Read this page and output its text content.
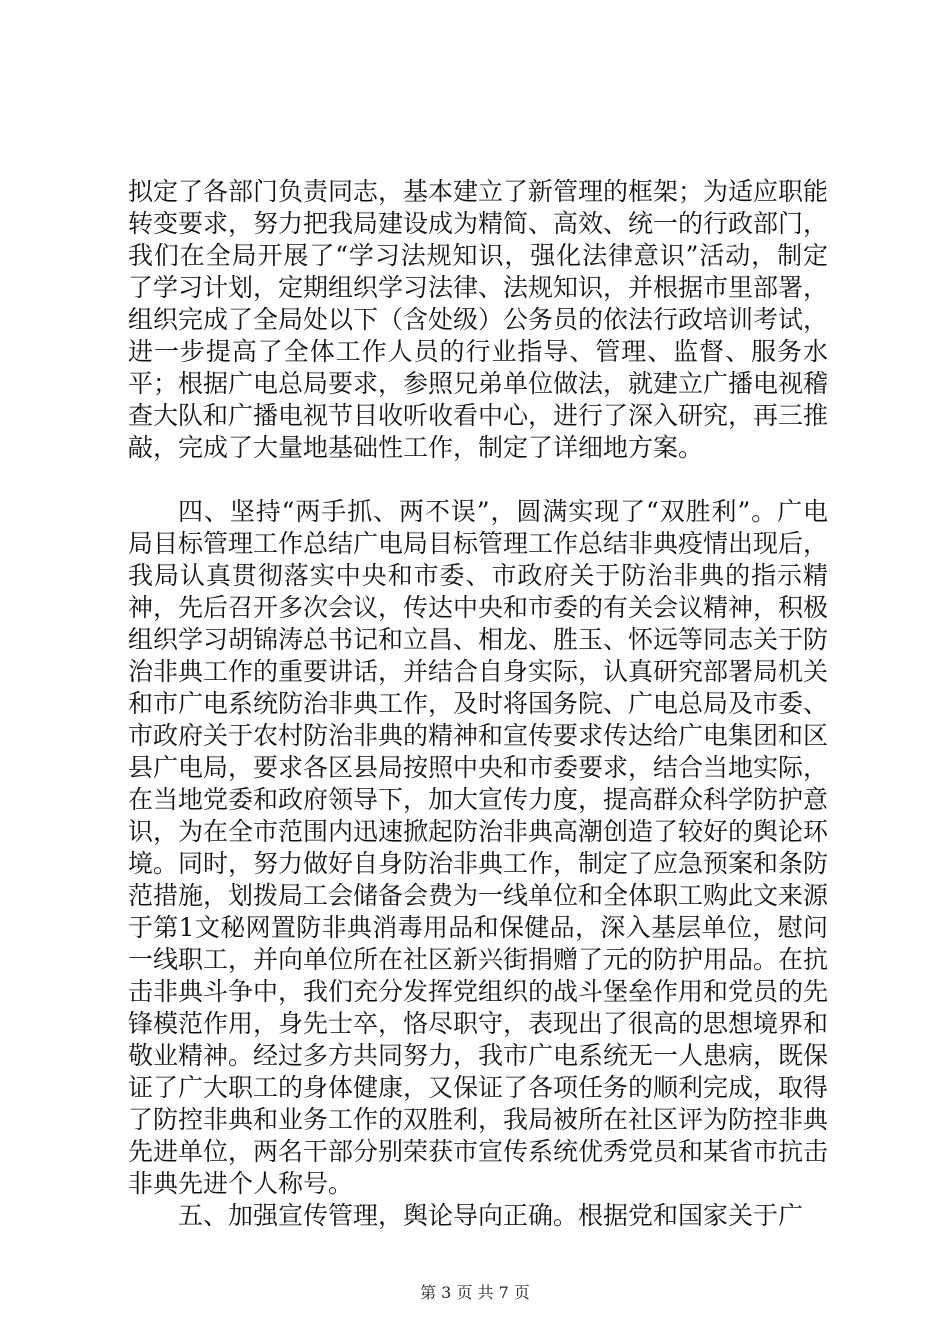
拟定了各部门负责同志，基本建立了新管理的框架；为适应职能转变要求，努力把我局建设成为精简、高效、统一的行政部门，我们在全局开展了“学习法规知识，强化法律意识”活动，制定了学习计划，定期组织学习法律、法规知识，并根据市里部署，组织完成了全局处以下（含处级）公务员的依法行政培训考试，进一步提高了全体工作人员的行业指导、管理、监督、服务水平；根据广电总局要求，参照兄弟单位做法，就建立广播电视稽查大队和广播电视节目收听收看中心，进行了深入研究，再三推敲，完成了大量地基础性工作，制定了详细地方案。

四、坚持“两手抓、两不误”，圆满实现了“双胜利”。广电局目标管理工作总结广电局目标管理工作总结非典疫情出现后，我局认真贯彻落实中央和市委、市政府关于防治非典的指示精神，先后召开多次会议，传达中央和市委的有关会议精神，积极组织学习胡锦涛总书记和立昌、相龙、胜玉、怀远等同志关于防治非典工作的重要讲话，并结合自身实际，认真研究部署局机关和市广电系统防治非典工作，及时将国务院、广电总局及市委、市政府关于农村防治非典的精神和宣传要求传达给广电集团和区县广电局，要求各区县局按照中央和市委要求，结合当地实际，在当地党委和政府领导下，加大宣传力度，提高群众科学防护意识，为在全市范围内迅速掀起防治非典高潮创造了较好的舆论环境。同时，努力做好自身防治非典工作，制定了应急预案和条防范措施，划拨局工会储备会费为一线单位和全体职工购此文来源于第1文秘网置防非典消毒用品和保健品，深入基层单位，慰问一线职工，并向单位所在社区新兴街捐赠了元的防护用品。在抗击非典斗争中，我们充分发挥党组织的战斗堡垒作用和党员的先锋模范作用，身先士卒，恪尽职守，表现出了很高的思想境界和敬业精神。经过多方共同努力，我市广电系统无一人患病，既保证了广大职工的身体健康，又保证了各项任务的顺利完成，取得了防控非典和业务工作的双胜利，我局被所在社区评为防控非典先进单位，两名干部分别荣获市宣传系统优秀党员和某省市抗击非典先进个人称号。

五、加强宣传管理，舆论导向正确。根据党和国家关于广

第 3 页 共 7 页
